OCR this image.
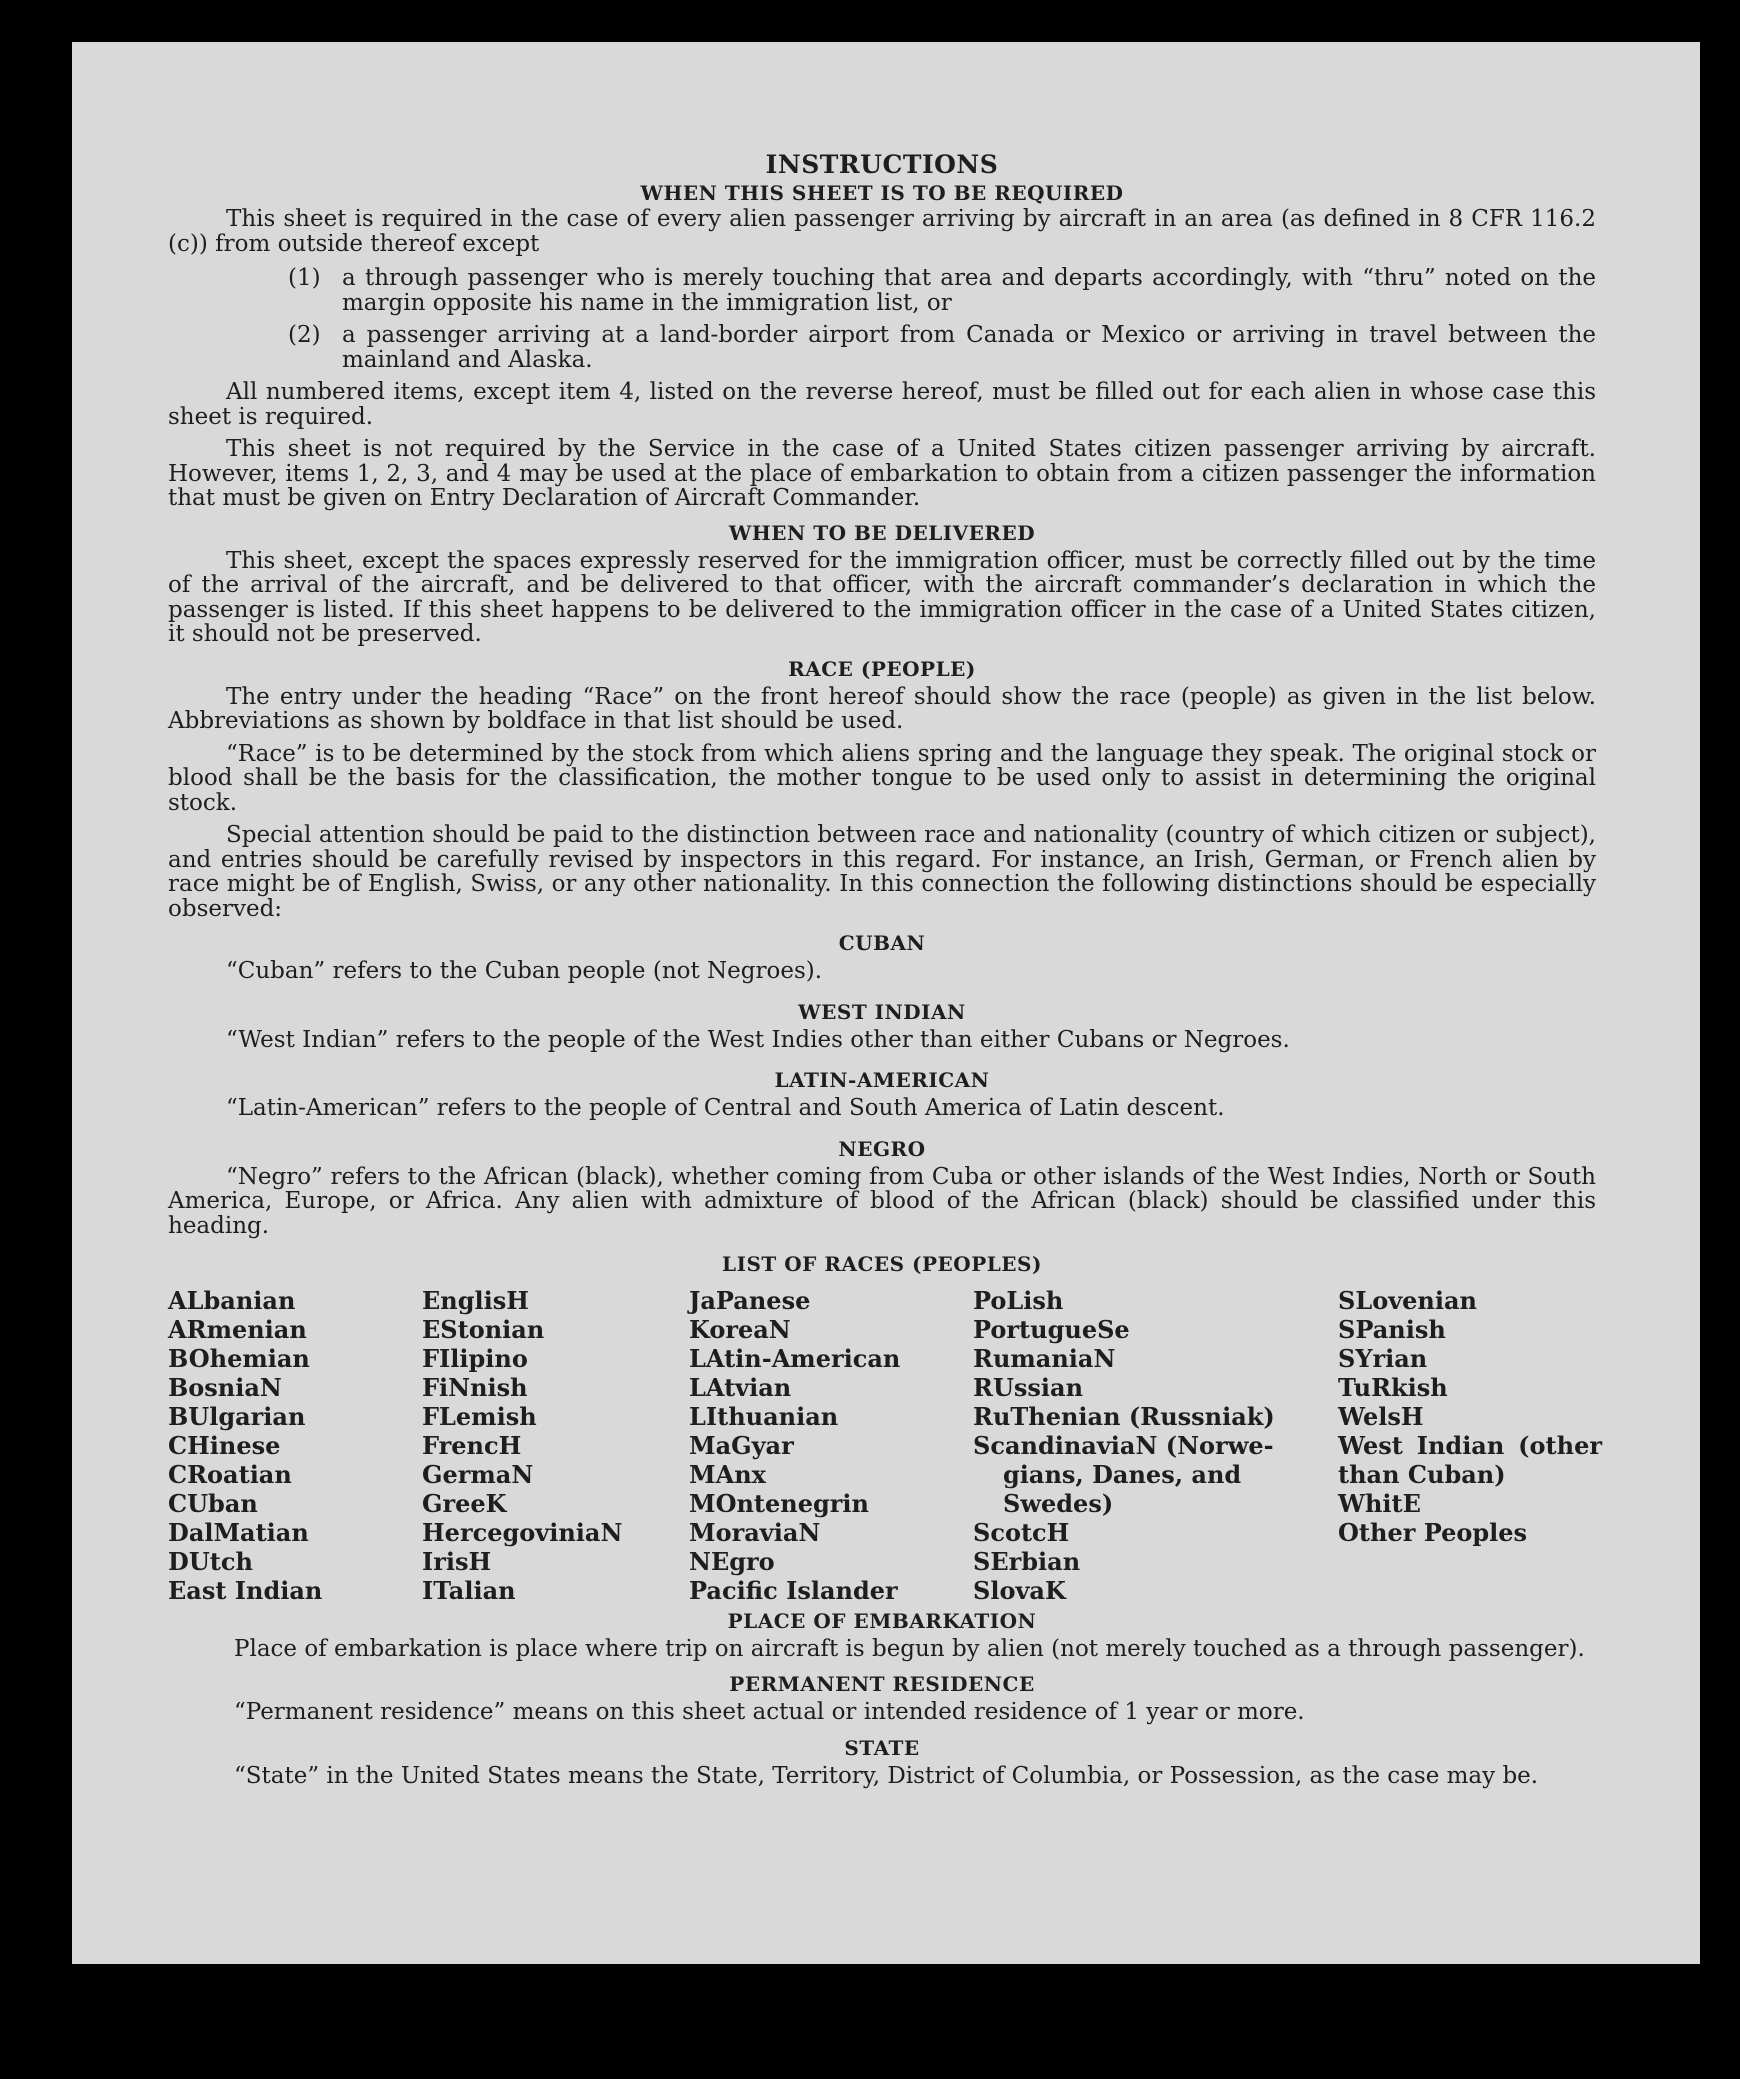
INSTRUCTIONS
WHEN THIS SHEET IS TO BE REQUIRED

This sheet is required in the case of every alien passenger arriving by aircraft in an area (as defined in 8 CFR 116.2 (c)) from outside thereof except

(1) a through passenger who is merely touching that area and departs accordingly, with “thru” noted on the margin opposite his name in the immigration list, or
(2) a passenger arriving at a land-border airport from Canada or Mexico or arriving in travel between the mainland and Alaska.

All numbered items, except item 4, listed on the reverse hereof, must be filled out for each alien in whose case this sheet is required.

This sheet is not required by the Service in the case of a United States citizen passenger arriving by aircraft. However, items 1, 2, 3, and 4 may be used at the place of embarkation to obtain from a citizen passenger the information that must be given on Entry Declaration of Aircraft Commander.

WHEN TO BE DELIVERED

This sheet, except the spaces expressly reserved for the immigration officer, must be correctly filled out by the time of the arrival of the aircraft, and be delivered to that officer, with the aircraft commander’s declaration in which the passenger is listed. If this sheet happens to be delivered to the immigration officer in the case of a United States citizen, it should not be preserved.

RACE (PEOPLE)

The entry under the heading “Race” on the front hereof should show the race (people) as given in the list below. Abbreviations as shown by boldface in that list should be used.

“Race” is to be determined by the stock from which aliens spring and the language they speak. The original stock or blood shall be the basis for the classification, the mother tongue to be used only to assist in determining the original stock.

Special attention should be paid to the distinction between race and nationality (country of which citizen or subject), and entries should be carefully revised by inspectors in this regard. For instance, an Irish, German, or French alien by race might be of English, Swiss, or any other nationality. In this connection the following distinctions should be especially observed:

CUBAN

“Cuban” refers to the Cuban people (not Negroes).

WEST INDIAN

“West Indian” refers to the people of the West Indies other than either Cubans or Negroes.

LATIN-AMERICAN

“Latin-American” refers to the people of Central and South America of Latin descent.

NEGRO

“Negro” refers to the African (black), whether coming from Cuba or other islands of the West Indies, North or South America, Europe, or Africa. Any alien with admixture of blood of the African (black) should be classified under this heading.

LIST OF RACES (PEOPLES)
ALbanian
ARmenian
BOhemian
BosniaN
BUlgarian
CHinese
CRoatian
CUban
DalMatian
DUtch
East Indian
EnglisH
EStonian
FIlipino
FiNnish
FLemish
FrencH
GermaN
GreeK
HercegoviniaN
IrisH
ITalian
JaPanese
KoreaN
LAtin-American
LAtvian
LIthuanian
MaGyar
MAnx
MOntenegrin
MoraviaN
NEgro
Pacific Islander
PoLish
PortugueSe
RumaniaN
RUssian
RuThenian (Russniak)
ScandinaviaN (Norwe-
gians, Danes, and Swedes)
ScotcH
SErbian
SlovaK
SLovenian
SPanish
SYrian
TuRkish
WelsH
West Indian (other than Cuban)
WhitE
Other Peoples
PLACE OF EMBARKATION

Place of embarkation is place where trip on aircraft is begun by alien (not merely touched as a through passenger).

PERMANENT RESIDENCE

“Permanent residence” means on this sheet actual or intended residence of 1 year or more.

STATE

“State” in the United States means the State, Territory, District of Columbia, or Possession, as the case may be.
